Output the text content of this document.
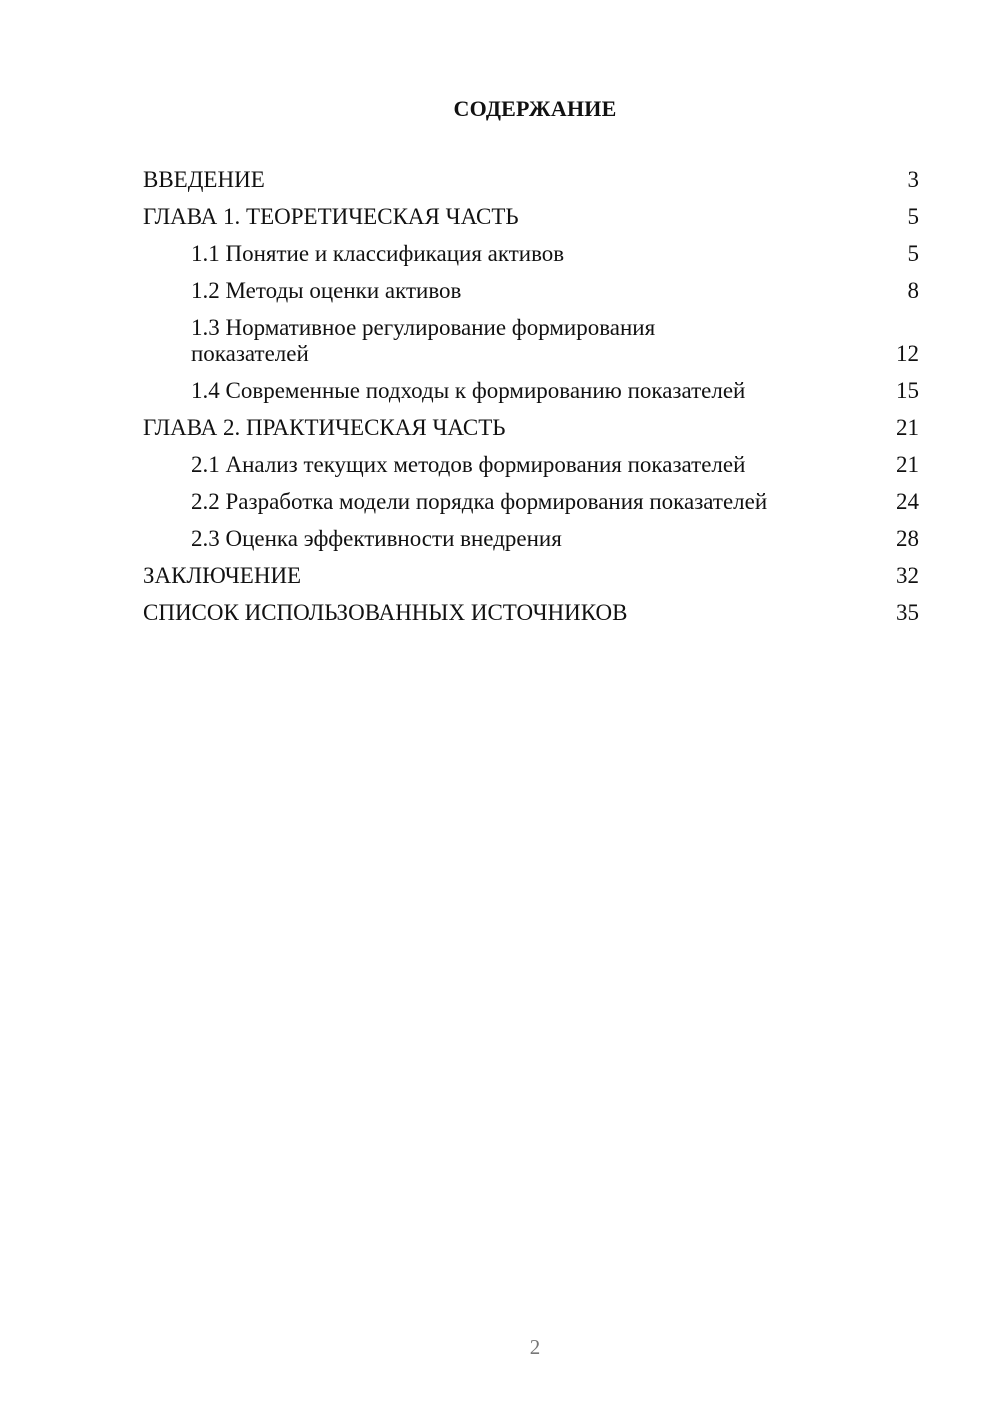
СОДЕРЖАНИЕ
ВВЕДЕНИЕ	3
ГЛАВА 1. ТЕОРЕТИЧЕСКАЯ ЧАСТЬ	5
1.1 Понятие и классификация активов	5
1.2 Методы оценки активов	8
1.3 Нормативное регулирование формирования показателей	12
1.4 Современные подходы к формированию показателей	15
ГЛАВА 2. ПРАКТИЧЕСКАЯ ЧАСТЬ	21
2.1 Анализ текущих методов формирования показателей	21
2.2 Разработка модели порядка формирования показателей	24
2.3 Оценка эффективности внедрения	28
ЗАКЛЮЧЕНИЕ	32
СПИСОК ИСПОЛЬЗОВАННЫХ ИСТОЧНИКОВ	35
2
